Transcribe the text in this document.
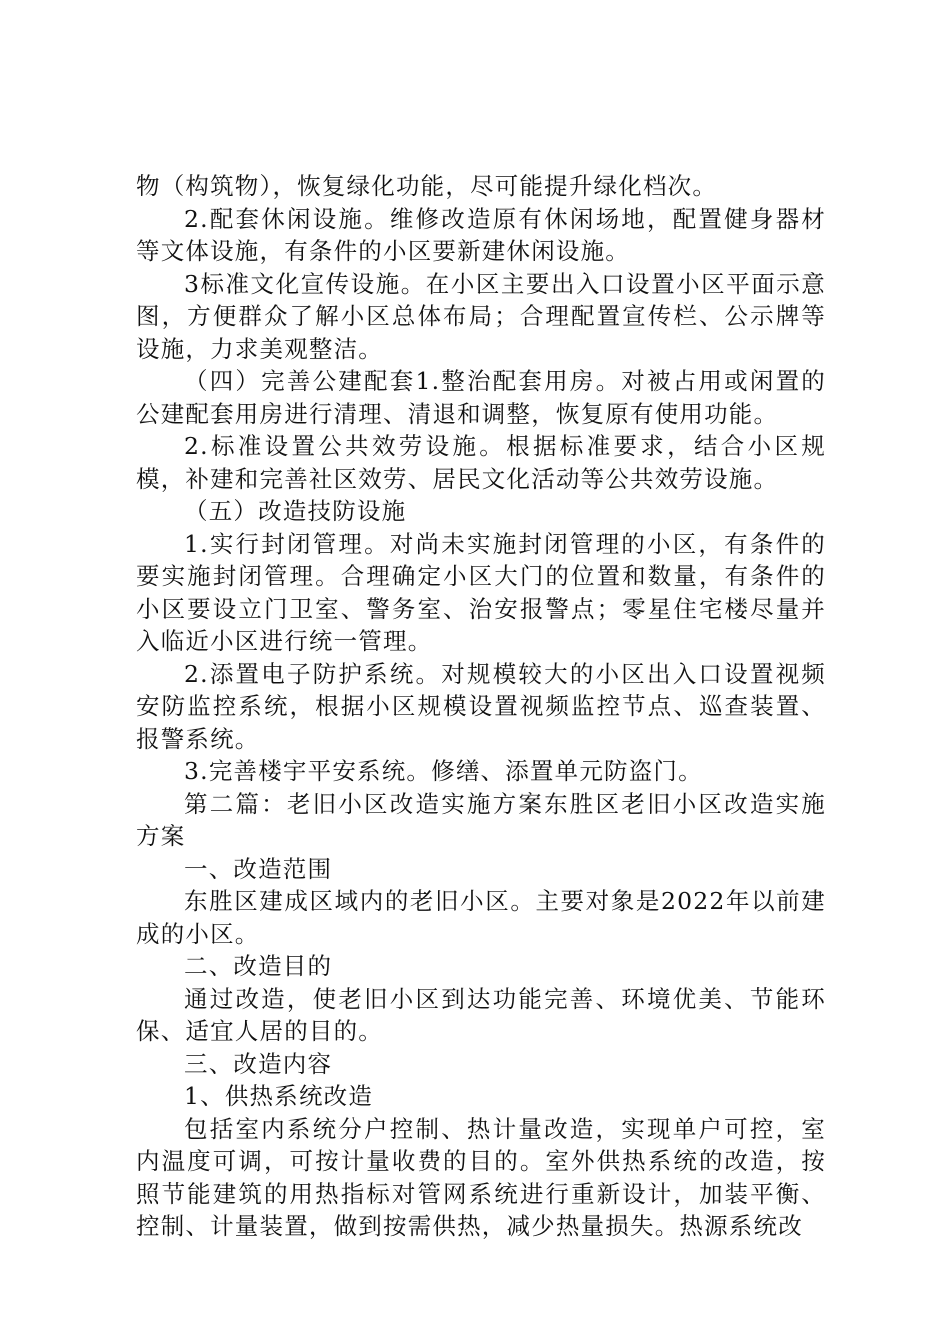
物（构筑物），恢复绿化功能，尽可能提升绿化档次。

2.配套休闲设施。维修改造原有休闲场地，配置健身器材等文体设施，有条件的小区要新建休闲设施。

3标准文化宣传设施。在小区主要出入口设置小区平面示意图，方便群众了解小区总体布局；合理配置宣传栏、公示牌等设施，力求美观整洁。

（四）完善公建配套1.整治配套用房。对被占用或闲置的公建配套用房进行清理、清退和调整，恢复原有使用功能。

2.标准设置公共效劳设施。根据标准要求，结合小区规模，补建和完善社区效劳、居民文化活动等公共效劳设施。

（五）改造技防设施

1.实行封闭管理。对尚未实施封闭管理的小区，有条件的要实施封闭管理。合理确定小区大门的位置和数量，有条件的小区要设立门卫室、警务室、治安报警点；零星住宅楼尽量并入临近小区进行统一管理。

2.添置电子防护系统。对规模较大的小区出入口设置视频安防监控系统，根据小区规模设置视频监控节点、巡查装置、报警系统。

3.完善楼宇平安系统。修缮、添置单元防盗门。

第二篇：老旧小区改造实施方案东胜区老旧小区改造实施方案

一、改造范围

东胜区建成区域内的老旧小区。主要对象是2022年以前建成的小区。

二、改造目的

通过改造，使老旧小区到达功能完善、环境优美、节能环保、适宜人居的目的。

三、改造内容

1、供热系统改造

包括室内系统分户控制、热计量改造，实现单户可控，室内温度可调，可按计量收费的目的。室外供热系统的改造，按照节能建筑的用热指标对管网系统进行重新设计，加装平衡、控制、计量装置，做到按需供热，减少热量损失。热源系统改
